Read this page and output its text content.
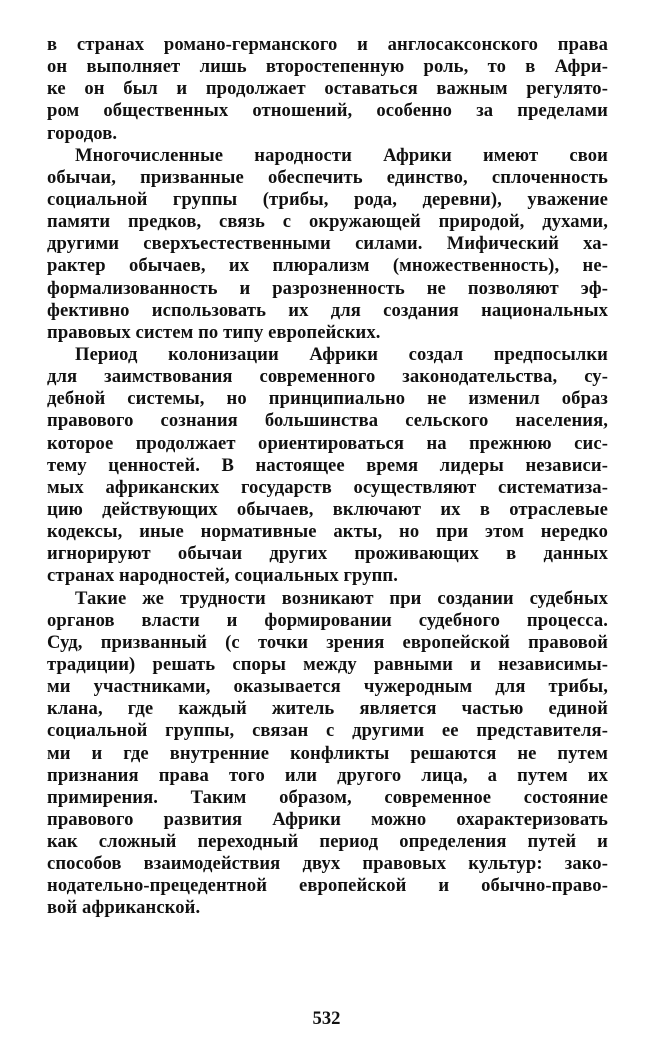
в странах романо-германского и англосаксонского права
он выполняет лишь второстепенную роль, то в Афри-
ке он был и продолжает оставаться важным регулято-
ром общественных отношений, особенно за пределами
городов.
Многочисленные народности Африки имеют свои
обычаи, призванные обеспечить единство, сплоченность
социальной группы (трибы, рода, деревни), уважение
памяти предков, связь с окружающей природой, духами,
другими сверхъестественными силами. Мифический ха-
рактер обычаев, их плюрализм (множественность), не-
формализованность и разрозненность не позволяют эф-
фективно использовать их для создания национальных
правовых систем по типу европейских.
Период колонизации Африки создал предпосылки
для заимствования современного законодательства, су-
дебной системы, но принципиально не изменил образ
правового сознания большинства сельского населения,
которое продолжает ориентироваться на прежнюю сис-
тему ценностей. В настоящее время лидеры независи-
мых африканских государств осуществляют систематиза-
цию действующих обычаев, включают их в отраслевые
кодексы, иные нормативные акты, но при этом нередко
игнорируют обычаи других проживающих в данных
странах народностей, социальных групп.
Такие же трудности возникают при создании судебных
органов власти и формировании судебного процесса.
Суд, призванный (с точки зрения европейской правовой
традиции) решать споры между равными и независимы-
ми участниками, оказывается чужеродным для трибы,
клана, где каждый житель является частью единой
социальной группы, связан с другими ее представителя-
ми и где внутренние конфликты решаются не путем
признания права того или другого лица, а путем их
примирения. Таким образом, современное состояние
правового развития Африки можно охарактеризовать
как сложный переходный период определения путей и
способов взаимодействия двух правовых культур: зако-
нодательно-прецедентной европейской и обычно-право-
вой африканской.
532
